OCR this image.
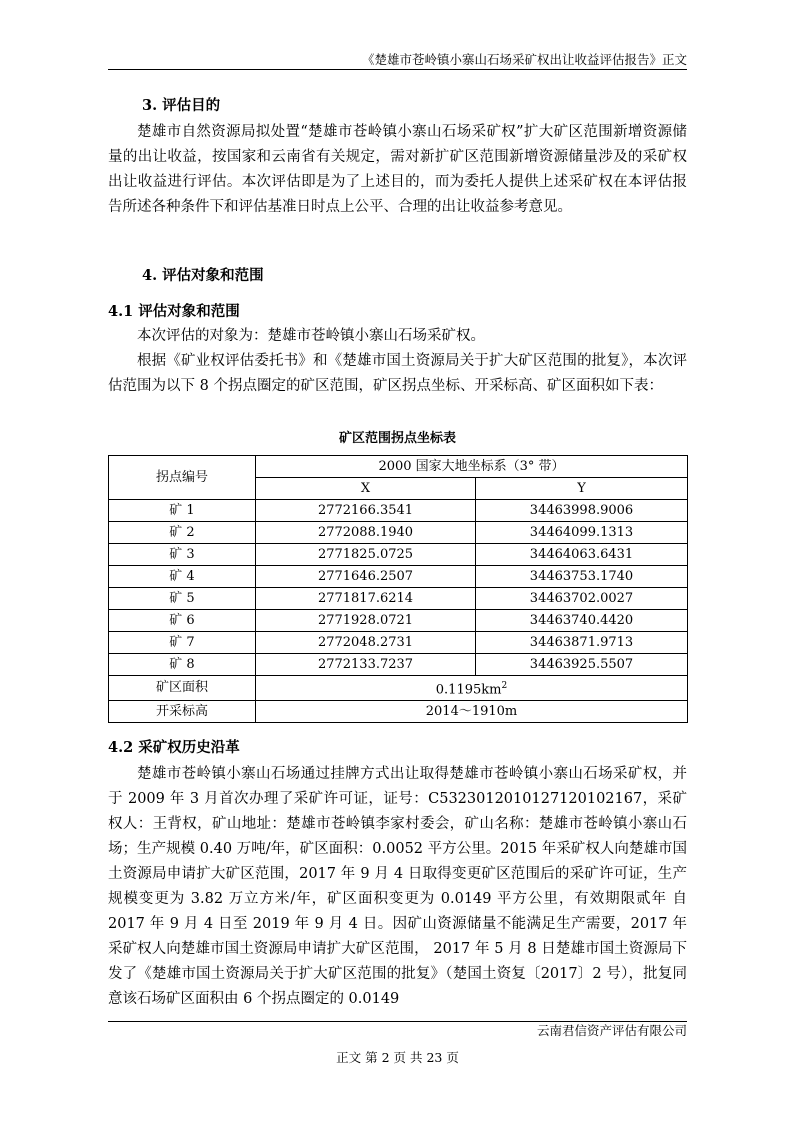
《楚雄市苍岭镇小寨山石场采矿权出让收益评估报告》正文
3. 评估目的

楚雄市自然资源局拟处置“楚雄市苍岭镇小寨山石场采矿权”扩大矿区范围新增资源储量的出让收益，按国家和云南省有关规定，需对新扩矿区范围新增资源储量涉及的采矿权出让收益进行评估。本次评估即是为了上述目的，而为委托人提供上述采矿权在本评估报告所述各种条件下和评估基准日时点上公平、合理的出让收益参考意见。

4. 评估对象和范围
4.1 评估对象和范围

本次评估的对象为：楚雄市苍岭镇小寨山石场采矿权。

根据《矿业权评估委托书》和《楚雄市国土资源局关于扩大矿区范围的批复》，本次评估范围为以下 8 个拐点圈定的矿区范围，矿区拐点坐标、开采标高、矿区面积如下表：

矿区范围拐点坐标表
拐点编号	2000 国家大地坐标系（3° 带）	
	X	Y
矿 1	2772166.3541	34463998.9006
矿 2	2772088.1940	34464099.1313
矿 3	2771825.0725	34464063.6431
矿 4	2771646.2507	34463753.1740
矿 5	2771817.6214	34463702.0027
矿 6	2771928.0721	34463740.4420
矿 7	2772048.2731	34463871.9713
矿 8	2772133.7237	34463925.5507
矿区面积	$0.1195km^2$
开采标高	2014～1910m	
4.2 采矿权历史沿革

楚雄市苍岭镇小寨山石场通过挂牌方式出让取得楚雄市苍岭镇小寨山石场采矿权，并于 2009 年 3 月首次办理了采矿许可证，证号：C5323012010127120102167，采矿权人：王背权，矿山地址：楚雄市苍岭镇李家村委会，矿山名称：楚雄市苍岭镇小寨山石场；生产规模 0.40 万吨/年，矿区面积：0.0052 平方公里。2015 年采矿权人向楚雄市国土资源局申请扩大矿区范围，2017 年 9 月 4 日取得变更矿区范围后的采矿许可证，生产规模变更为 3.82 万立方米/年，矿区面积变更为 0.0149 平方公里，有效期限贰年 自 2017 年 9 月 4 日至 2019 年 9 月 4 日。因矿山资源储量不能满足生产需要，2017 年采矿权人向楚雄市国土资源局申请扩大矿区范围， 2017 年 5 月 8 日楚雄市国土资源局下发了《楚雄市国土资源局关于扩大矿区范围的批复》（楚国土资复〔2017〕2 号），批复同意该石场矿区面积由 6 个拐点圈定的 0.0149

云南君信资产评估有限公司
正文 第 2 页 共 23 页
